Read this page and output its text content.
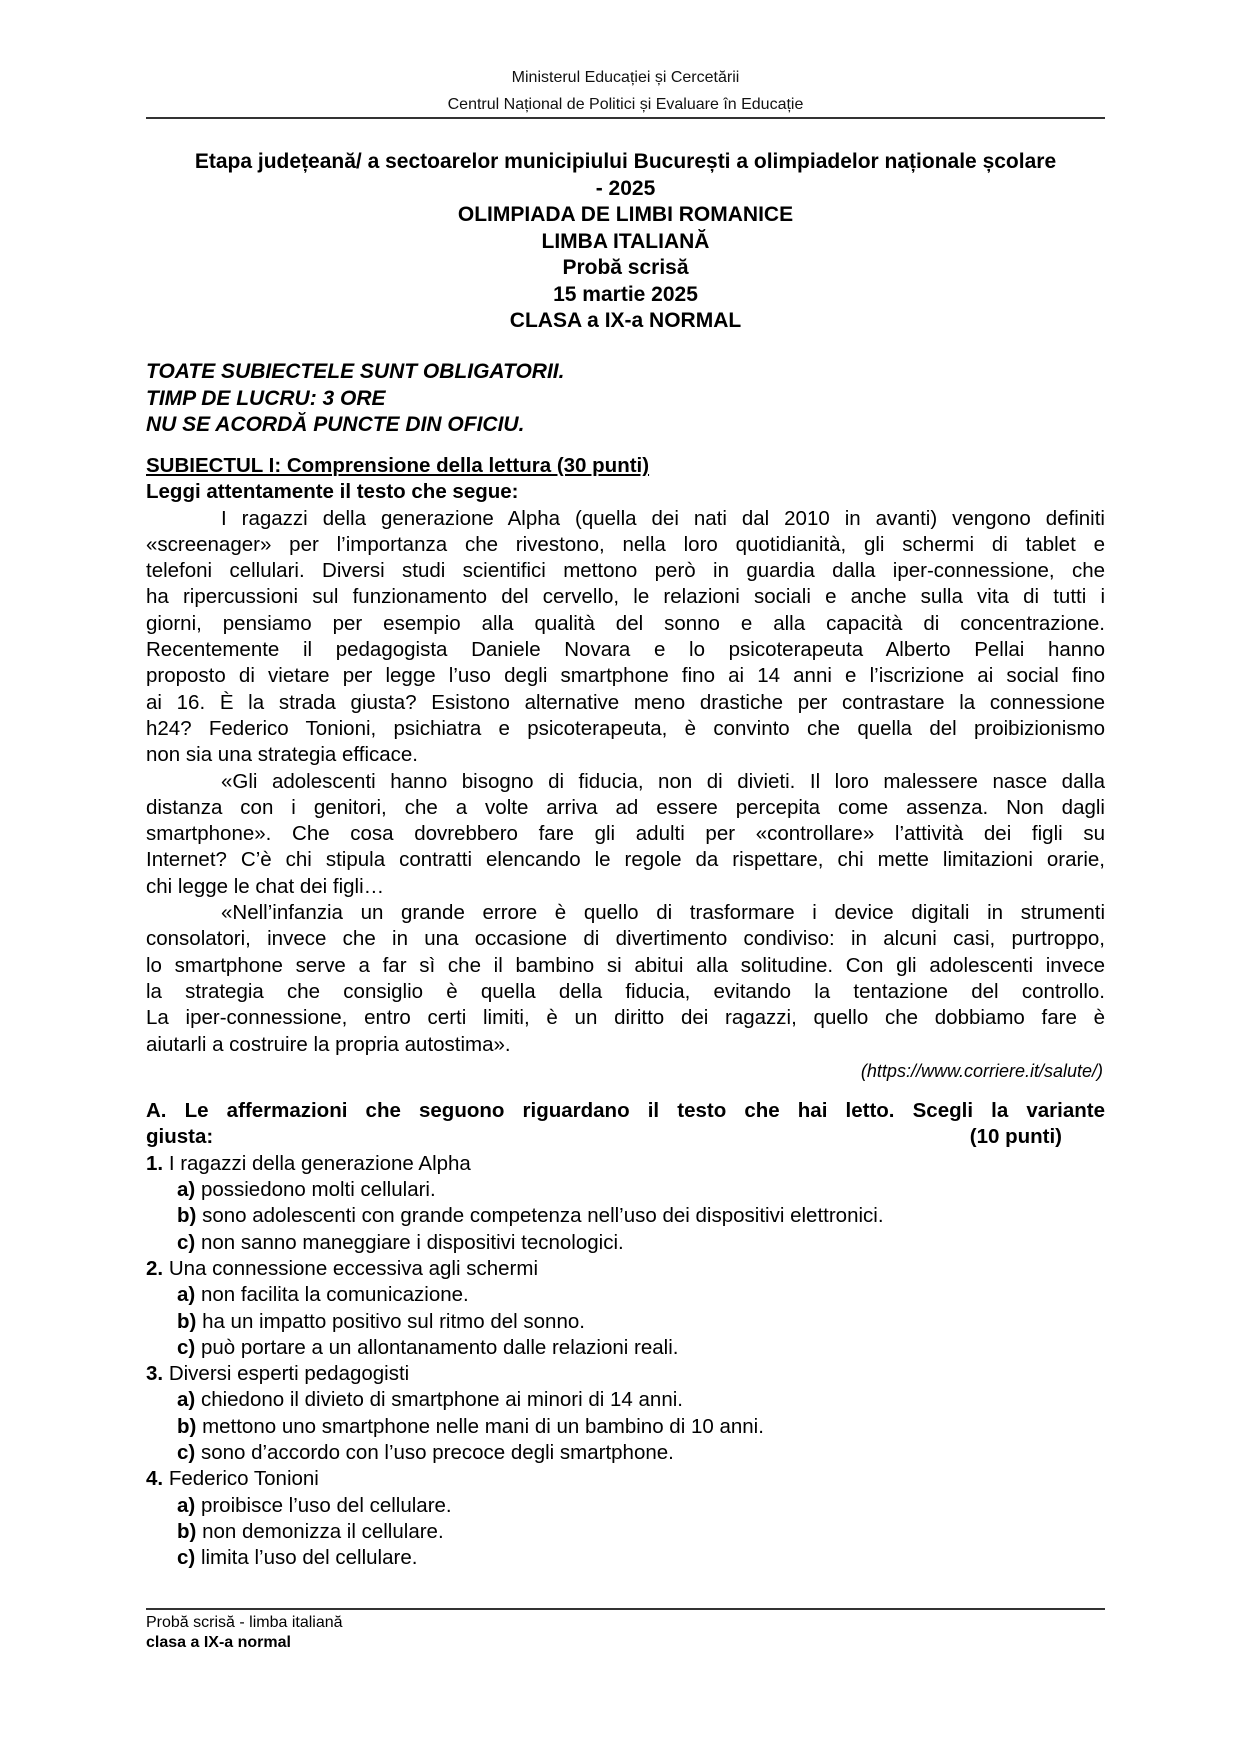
Ministerul Educației și Cercetării
Centrul Național de Politici și Evaluare în Educație
Etapa județeană/ a sectoarelor municipiului București a olimpiadelor naționale școlare
- 2025
OLIMPIADA DE LIMBI ROMANICE
LIMBA ITALIANĂ
Probă scrisă
15 martie 2025
CLASA a IX-a NORMAL
TOATE SUBIECTELE SUNT OBLIGATORII.
TIMP DE LUCRU: 3 ORE
NU SE ACORDĂ PUNCTE DIN OFICIU.
SUBIECTUL I: Comprensione della lettura (30 punti)
Leggi attentamente il testo che segue:
I ragazzi della generazione Alpha (quella dei nati dal 2010 in avanti) vengono definiti
«screenager» per l’importanza che rivestono, nella loro quotidianità, gli schermi di tablet e
telefoni cellulari. Diversi studi scientifici mettono però in guardia dalla iper-connessione, che
ha ripercussioni sul funzionamento del cervello, le relazioni sociali e anche sulla vita di tutti i
giorni, pensiamo per esempio alla qualità del sonno e alla capacità di concentrazione.
Recentemente il pedagogista Daniele Novara e lo psicoterapeuta Alberto Pellai hanno
proposto di vietare per legge l’uso degli smartphone fino ai 14 anni e l’iscrizione ai social fino
ai 16. È la strada giusta? Esistono alternative meno drastiche per contrastare la connessione
h24? Federico Tonioni, psichiatra e psicoterapeuta, è convinto che quella del proibizionismo
non sia una strategia efficace.
«Gli adolescenti hanno bisogno di fiducia, non di divieti. Il loro malessere nasce dalla
distanza con i genitori, che a volte arriva ad essere percepita come assenza. Non dagli
smartphone». Che cosa dovrebbero fare gli adulti per «controllare» l’attività dei figli su
Internet? C’è chi stipula contratti elencando le regole da rispettare, chi mette limitazioni orarie,
chi legge le chat dei figli…
«Nell’infanzia un grande errore è quello di trasformare i device digitali in strumenti
consolatori, invece che in una occasione di divertimento condiviso: in alcuni casi, purtroppo,
lo smartphone serve a far sì che il bambino si abitui alla solitudine. Con gli adolescenti invece
la strategia che consiglio è quella della fiducia, evitando la tentazione del controllo.
La iper-connessione, entro certi limiti, è un diritto dei ragazzi, quello che dobbiamo fare è
aiutarli a costruire la propria autostima».
(https://www.corriere.it/salute/)
A. Le affermazioni che seguono riguardano il testo che hai letto. Scegli la variante
giusta:	(10 punti)
1. I ragazzi della generazione Alpha
a) possiedono molti cellulari.
b) sono adolescenti con grande competenza nell’uso dei dispositivi elettronici.
c) non sanno maneggiare i dispositivi tecnologici.
2. Una connessione eccessiva agli schermi
a) non facilita la comunicazione.
b) ha un impatto positivo sul ritmo del sonno.
c) può portare a un allontanamento dalle relazioni reali.
3. Diversi esperti pedagogisti
a) chiedono il divieto di smartphone ai minori di 14 anni.
b) mettono uno smartphone nelle mani di un bambino di 10 anni.
c) sono d’accordo con l’uso precoce degli smartphone.
4. Federico Tonioni
a) proibisce l’uso del cellulare.
b) non demonizza il cellulare.
c) limita l’uso del cellulare.
Probă scrisă - limba italiană
clasa a IX-a normal
